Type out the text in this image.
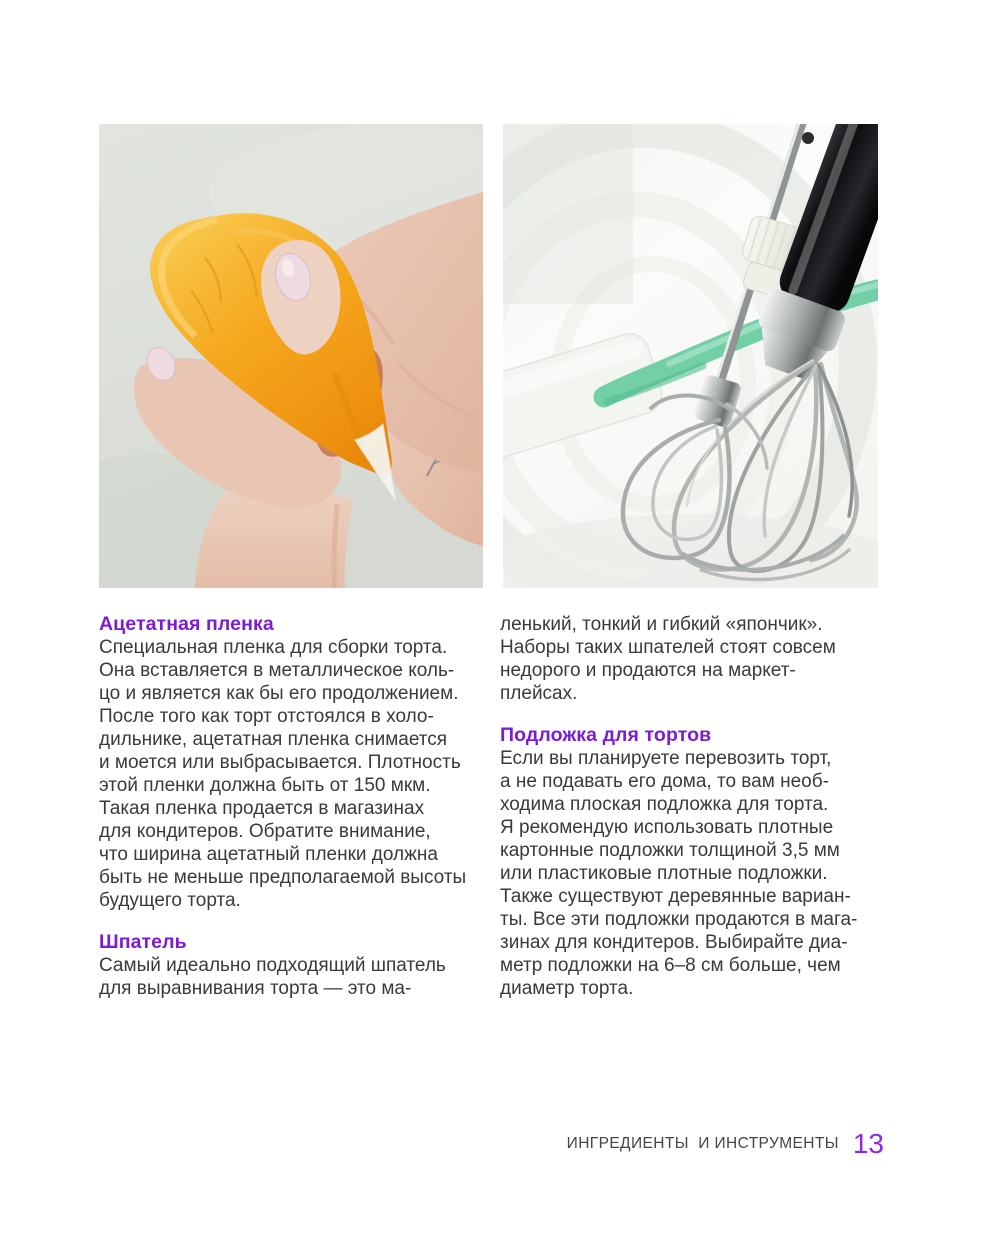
Ацетатная пленка
Специальная пленка для сборки торта.
Она вставляется в металлическое коль-
цо и является как бы его продолжением.
После того как торт отстоялся в холо-
дильнике, ацетатная пленка снимается
и моется или выбрасывается. Плотность
этой пленки должна быть от 150 мкм.
Такая пленка продается в магазинах
для кондитеров. Обратите внимание,
что ширина ацетатный пленки должна
быть не меньше предполагаемой высоты
будущего торта.
Шпатель
Самый идеально подходящий шпатель
для выравнивания торта — это ма-
ленький, тонкий и гибкий «япончик».
Наборы таких шпателей стоят совсем
недорого и продаются на маркет-
плейсах.
Подложка для тортов
Если вы планируете перевозить торт,
а не подавать его дома, то вам необ-
ходима плоская подложка для торта.
Я рекомендую использовать плотные
картонные подложки толщиной 3,5 мм
или пластиковые плотные подложки.
Также существуют деревянные вариан-
ты. Все эти подложки продаются в мага-
зинах для кондитеров. Выбирайте диа-
метр подложки на 6–8 см больше, чем
диаметр торта.
ИНГРЕДИЕНТЫ  И ИНСТРУМЕНТЫ 13
